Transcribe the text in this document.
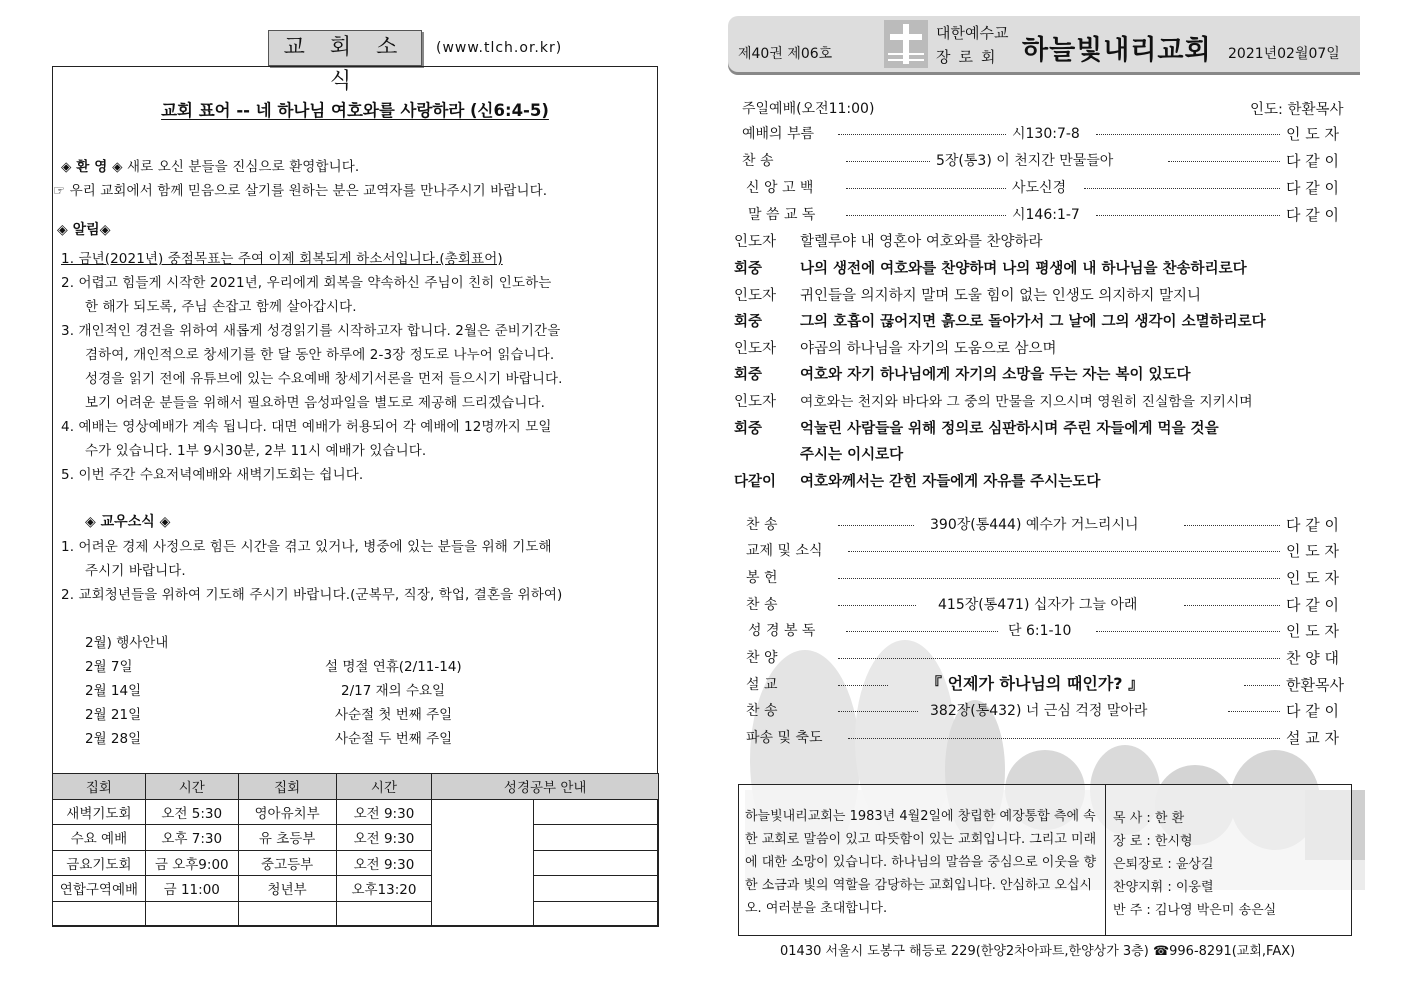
교 회 소 식
(www.tlch.or.kr)
교회 표어 -- 네 하나님 여호와를 사랑하라 (신6:4-5)
◈ 환 영 ◈ 새로 오신 분들을 진심으로 환영합니다.
☞ 우리 교회에서 함께 믿음으로 살기를 원하는 분은 교역자를 만나주시기 바랍니다.
◈ 알림◈
1. 금년(2021년) 중점목표는 주여 이제 회복되게 하소서입니다.(총회표어)
2. 어렵고 힘들게 시작한 2021년, 우리에게 회복을 약속하신 주님이 친히 인도하는
한 해가 되도록, 주님 손잡고 함께 살아갑시다.
3. 개인적인 경건을 위하여 새롭게 성경읽기를 시작하고자 합니다. 2월은 준비기간을
겸하여, 개인적으로 창세기를 한 달 동안 하루에 2-3장 정도로 나누어 읽습니다.
성경을 읽기 전에 유튜브에 있는 수요예배 창세기서론을 먼저 들으시기 바랍니다.
보기 어려운 분들을 위해서 필요하면 음성파일을 별도로 제공해 드리겠습니다.
4. 예배는 영상예배가 계속 됩니다. 대면 예배가 허용되어 각 예배에 12명까지 모일
수가 있습니다. 1부 9시30분, 2부 11시 예배가 있습니다.
5. 이번 주간 수요저녁예배와 새벽기도회는 쉽니다.
◈ 교우소식 ◈
1. 어려운 경제 사정으로 힘든 시간을 겪고 있거나, 병중에 있는 분들을 위해 기도해
주시기 바랍니다.
2. 교회청년들을 위하여 기도해 주시기 바랍니다.(군복무, 직장, 학업, 결혼을 위하여)
2월) 행사안내
2월 7일	설 명절 연휴(2/11-14)
2월 14일	2/17 재의 수요일
2월 21일	사순절 첫 번째 주일
2월 28일	사순절 두 번째 주일
집회	시간	집회	시간	성경공부 안내	
새벽기도회	오전 5:30	영아유치부	오전 9:30		
수요 예배	오후 7:30	유 초등부	오전 9:30		
금요기도회	금 오후9:00	중고등부	오전 9:30		
연합구역예배	금 11:00	청년부	오후13:20		

제40권 제06호
대한예수교
장로회 하늘빛내리교회 2021년02월07일
주일예배(오전11:00)	인도: 한환목사
예배의 부름	시130:7-8	인 도 자
찬 송	5장(통3) 이 천지간 만물들아	다 같 이
신 앙 고 백	사도신경	다 같 이
말 씀 교 독	시146:1-7	다 같 이
인도자 할렐루야 내 영혼아 여호와를 찬양하라
회중	나의 생전에 여호와를 찬양하며 나의 평생에 내 하나님을 찬송하리로다
인도자 귀인들을 의지하지 말며 도울 힘이 없는 인생도 의지하지 말지니
회중	그의 호흡이 끊어지면 흙으로 돌아가서 그 날에 그의 생각이 소멸하리로다
인도자 야곱의 하나님을 자기의 도움으로 삼으며
회중	여호와 자기 하나님에게 자기의 소망을 두는 자는 복이 있도다
인도자 여호와는 천지와 바다와 그 중의 만물을 지으시며 영원히 진실함을 지키시며
회중	억눌린 사람들을 위해 정의로 심판하시며 주린 자들에게 먹을 것을
주시는 이시로다
다같이 여호와께서는 갇힌 자들에게 자유를 주시는도다
찬 송	390장(통444) 예수가 거느리시니	다 같 이
교제 및 소식	인 도 자
봉 헌	인 도 자
찬 송	415장(통471) 십자가 그늘 아래	다 같 이
성 경 봉 독	단 6:1-10	인 도 자
찬 양	찬 양 대
설 교	『 언제가 하나님의 때인가? 』	한환목사
찬 송	382장(통432) 너 근심 걱정 말아라	다 같 이
파송 및 축도	설 교 자
하늘빛내리교회는 1983년 4월2일에 창립한 예장통합 측에 속한 교회로 말씀이 있고 따뜻함이 있는 교회입니다. 그리고 미래에 대한 소망이 있습니다. 하나님의 말씀을 중심으로 이웃을 향한 소금과 빛의 역할을 감당하는 교회입니다. 안심하고 오십시오. 여러분을 초대합니다.
목 사 : 한 환
장 로 : 한시형
은퇴장로 : 윤상길
찬양지휘 : 이웅렬
반 주 : 김나영 박은미 송은실
01430 서울시 도봉구 해등로 229(한양2차아파트,한양상가 3층) ☎996-8291(교회,FAX)
